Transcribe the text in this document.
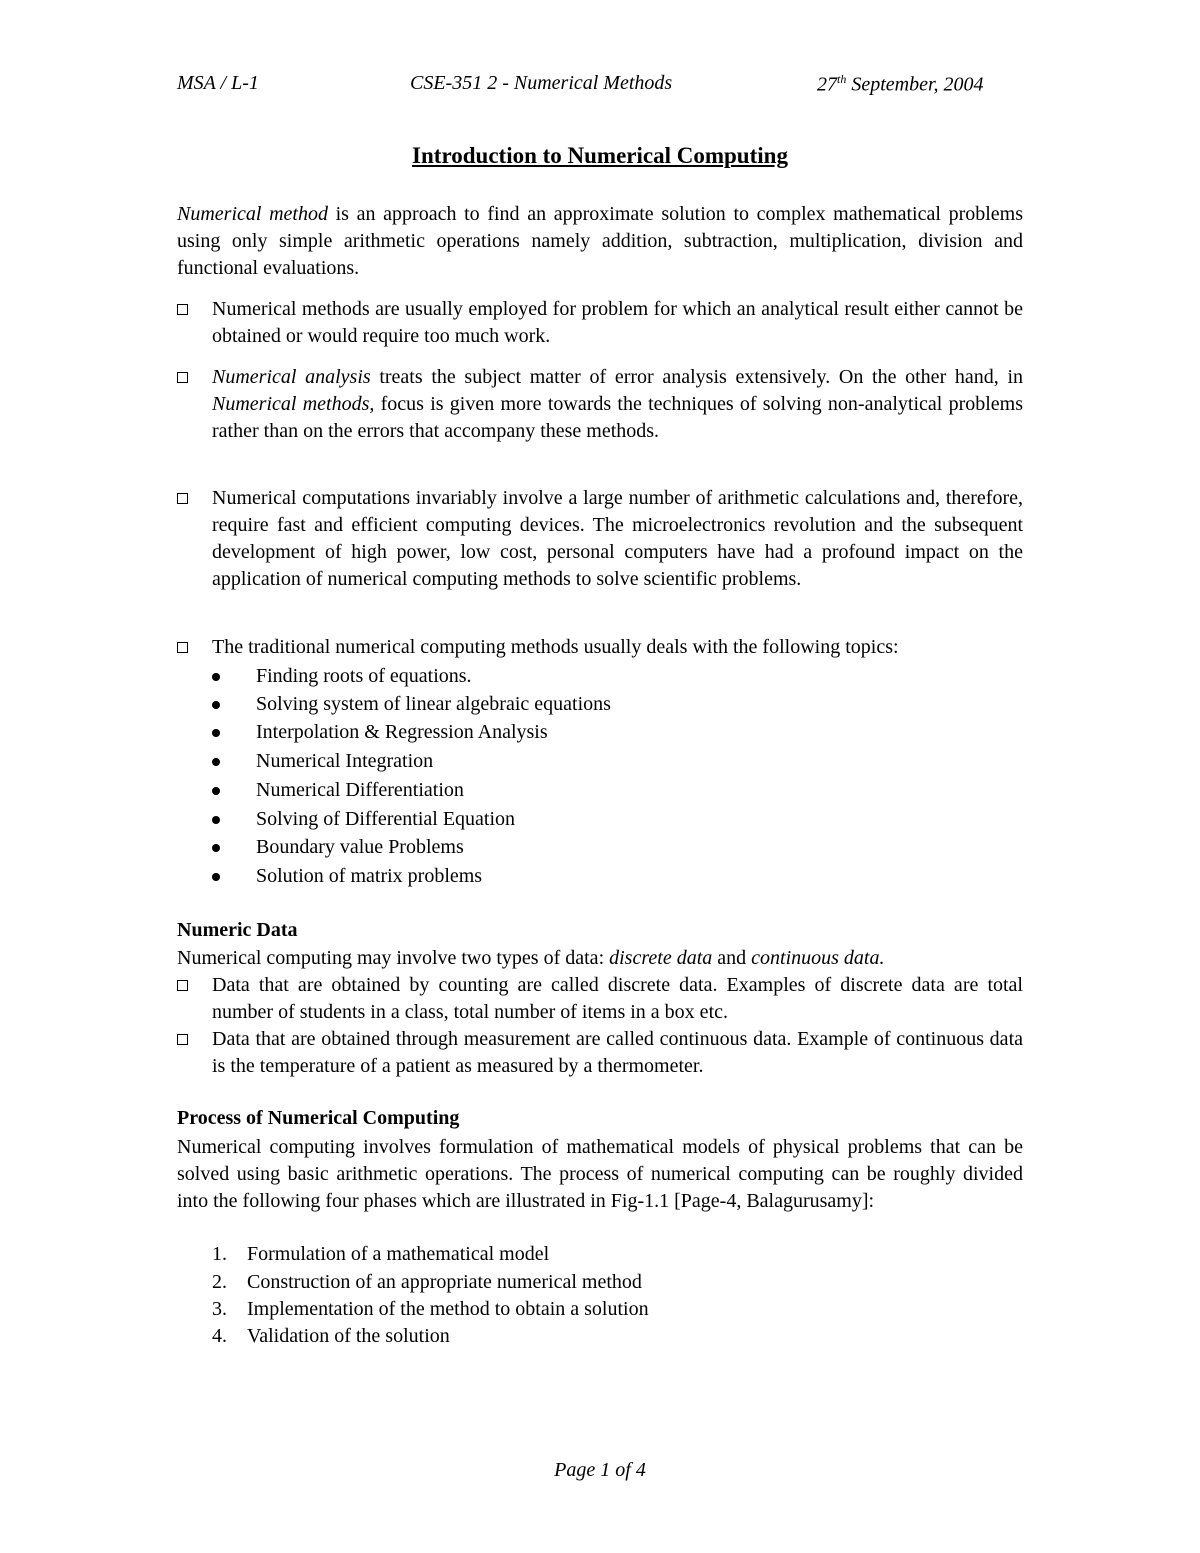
MSA / L-1	CSE-351 2 - Numerical Methods	27th September, 2004
Introduction to Numerical Computing
Numerical method is an approach to find an approximate solution to complex mathematical problems using only simple arithmetic operations namely addition, subtraction, multiplication, division and functional evaluations.
Numerical methods are usually employed for problem for which an analytical result either cannot be obtained or would require too much work.
Numerical analysis treats the subject matter of error analysis extensively. On the other hand, in Numerical methods, focus is given more towards the techniques of solving non-analytical problems rather than on the errors that accompany these methods.
Numerical computations invariably involve a large number of arithmetic calculations and, therefore, require fast and efficient computing devices. The microelectronics revolution and the subsequent development of high power, low cost, personal computers have had a profound impact on the application of numerical computing methods to solve scientific problems.
The traditional numerical computing methods usually deals with the following topics:
Finding roots of equations.
Solving system of linear algebraic equations
Interpolation & Regression Analysis
Numerical Integration
Numerical Differentiation
Solving of Differential Equation
Boundary value Problems
Solution of matrix problems
Numeric Data
Numerical computing may involve two types of data: discrete data and continuous data.
Data that are obtained by counting are called discrete data. Examples of discrete data are total number of students in a class, total number of items in a box etc.
Data that are obtained through measurement are called continuous data. Example of continuous data is the temperature of a patient as measured by a thermometer.
Process of Numerical Computing
Numerical computing involves formulation of mathematical models of physical problems that can be solved using basic arithmetic operations. The process of numerical computing can be roughly divided into the following four phases which are illustrated in Fig-1.1 [Page-4, Balagurusamy]:
1. Formulation of a mathematical model
2. Construction of an appropriate numerical method
3. Implementation of the method to obtain a solution
4. Validation of the solution
Page 1 of 4
